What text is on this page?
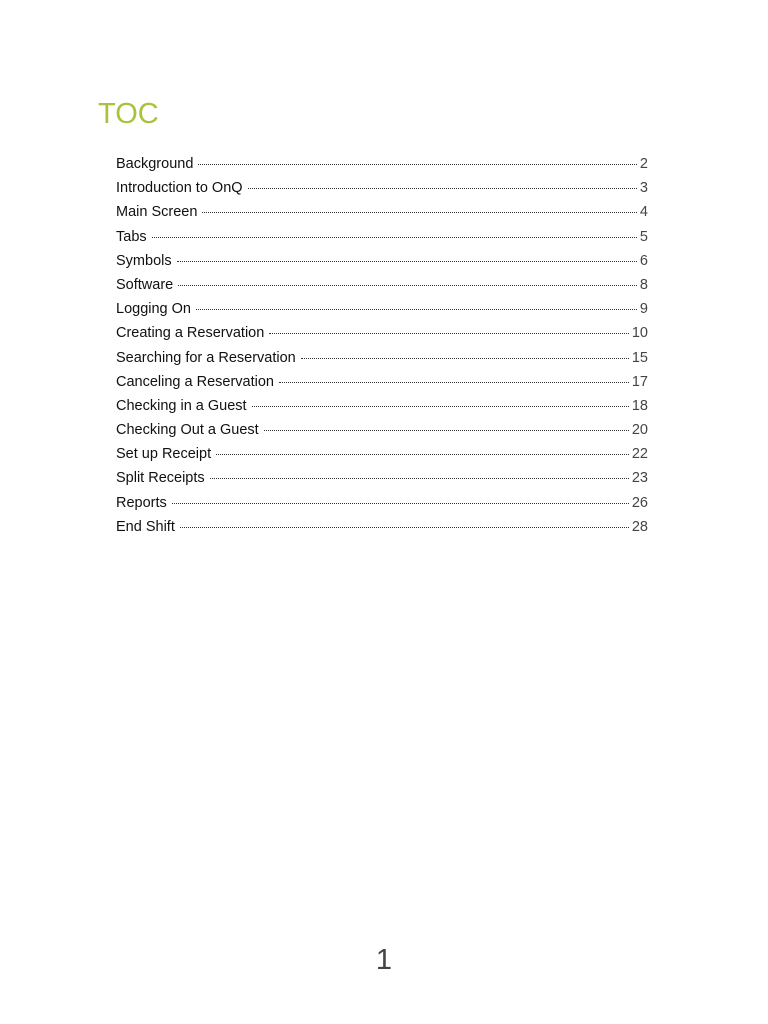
TOC
Background	2
Introduction to OnQ	3
Main Screen	4
Tabs	5
Symbols	6
Software	8
Logging On	9
Creating a Reservation	10
Searching for a Reservation	15
Canceling a Reservation	17
Checking in a Guest	18
Checking Out a Guest	20
Set up Receipt	22
Split Receipts	23
Reports	26
End Shift	28
1
